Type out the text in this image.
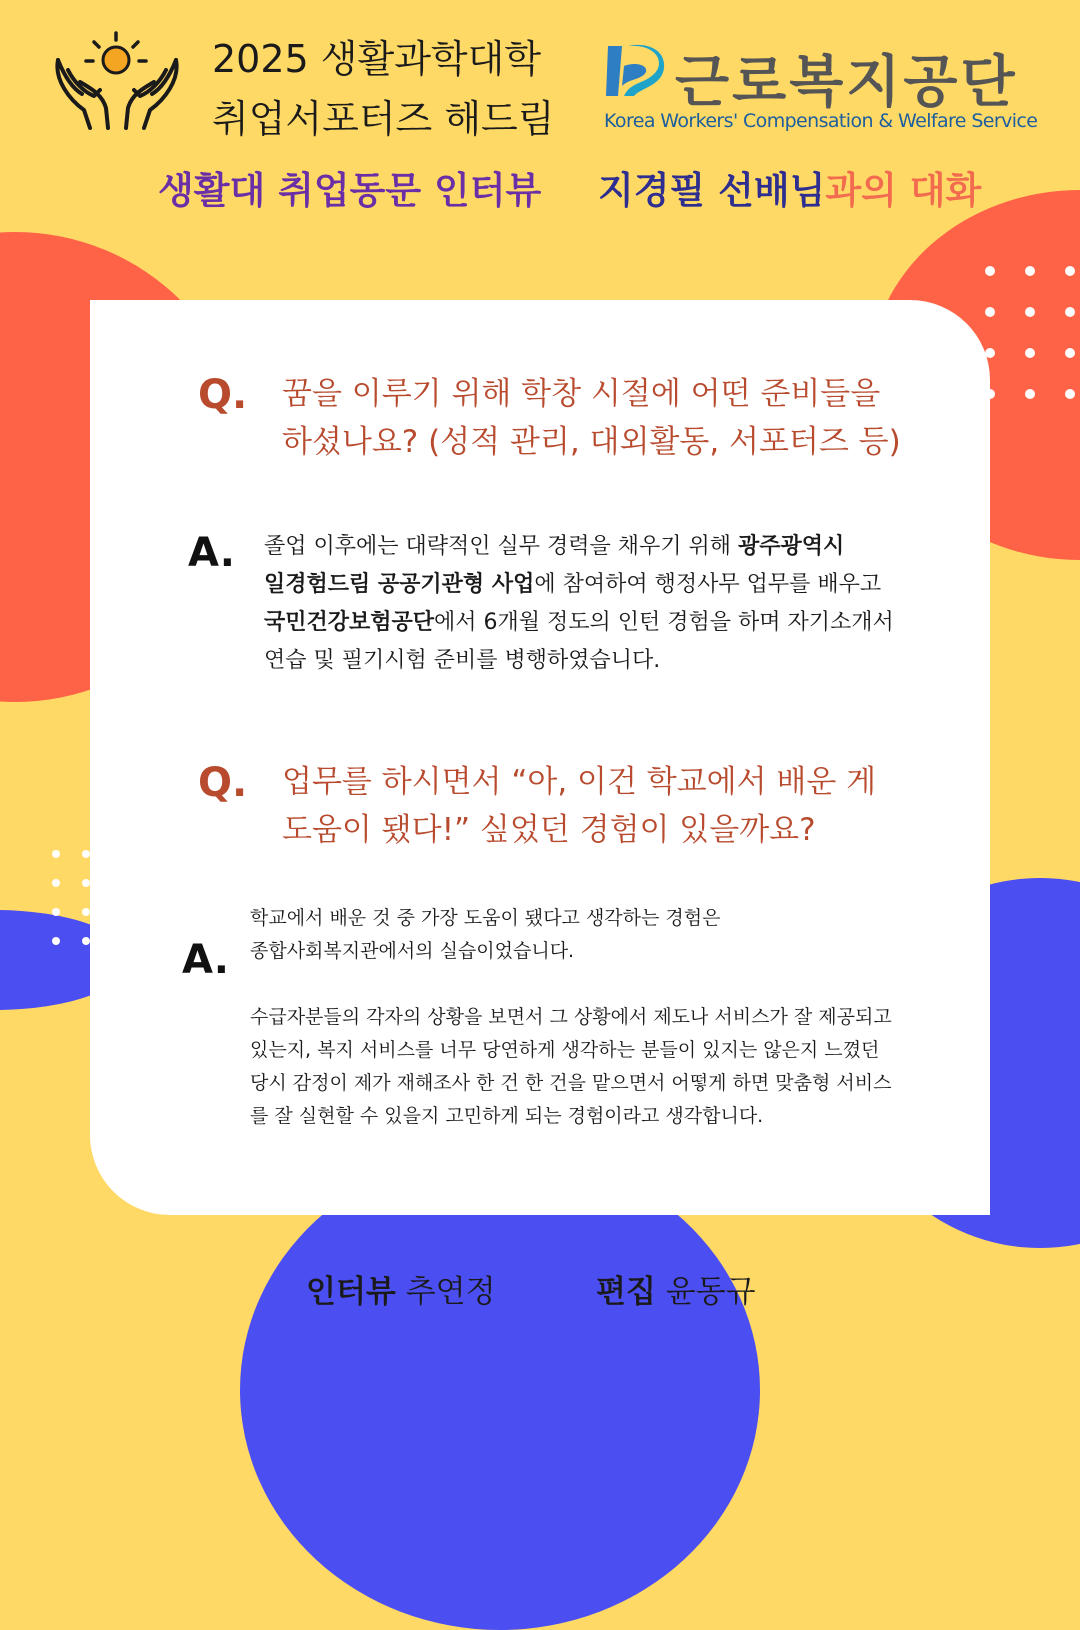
2025 생활과학대학
취업서포터즈 해드림
근로복지공단
Korea Workers' Compensation & Welfare Service
생활대 취업동문 인터뷰 지경필 선배님과의 대화
Q. 꿈을 이루기 위해 학창 시절에 어떤 준비들을
하셨나요? (성적 관리, 대외활동, 서포터즈 등)
A. 졸업 이후에는 대략적인 실무 경력을 채우기 위해 광주광역시

일경험드림 공공기관형 사업에 참여하여 행정사무 업무를 배우고

국민건강보험공단에서 6개월 정도의 인턴 경험을 하며 자기소개서

연습 및 필기시험 준비를 병행하였습니다.

Q. 업무를 하시면서 “아, 이건 학교에서 배운 게
도움이 됐다!” 싶었던 경험이 있을까요?
A.

학교에서 배운 것 중 가장 도움이 됐다고 생각하는 경험은

종합사회복지관에서의 실습이었습니다.

수급자분들의 각자의 상황을 보면서 그 상황에서 제도나 서비스가 잘 제공되고

있는지, 복지 서비스를 너무 당연하게 생각하는 분들이 있지는 않은지 느꼈던

당시 감정이 제가 재해조사 한 건 한 건을 맡으면서 어떻게 하면 맞춤형 서비스

를 잘 실현할 수 있을지 고민하게 되는 경험이라고 생각합니다.

인터뷰 추연정	편집 윤동규
